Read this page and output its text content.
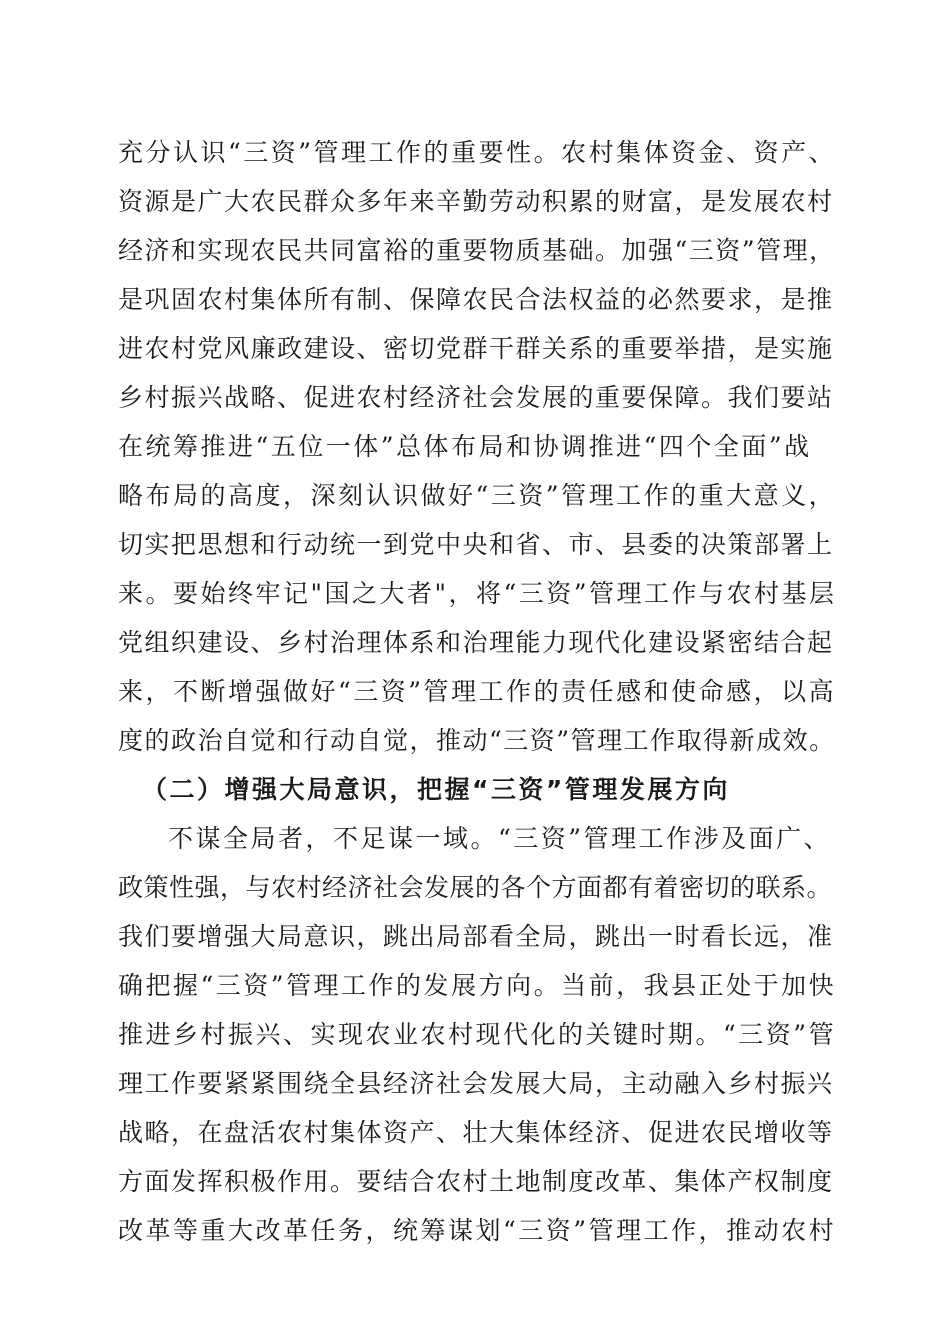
充分认识“三资”管理工作的重要性。农村集体资金、资产、
资源是广大农民群众多年来辛勤劳动积累的财富，是发展农村
经济和实现农民共同富裕的重要物质基础。加强“三资”管理，
是巩固农村集体所有制、保障农民合法权益的必然要求，是推
进农村党风廉政建设、密切党群干群关系的重要举措，是实施
乡村振兴战略、促进农村经济社会发展的重要保障。我们要站
在统筹推进“五位一体”总体布局和协调推进“四个全面”战
略布局的高度，深刻认识做好“三资”管理工作的重大意义，
切实把思想和行动统一到党中央和省、市、县委的决策部署上
来。要始终牢记"国之大者"，将“三资”管理工作与农村基层
党组织建设、乡村治理体系和治理能力现代化建设紧密结合起
来，不断增强做好“三资”管理工作的责任感和使命感，以高
度的政治自觉和行动自觉，推动“三资”管理工作取得新成效。
（二）增强大局意识，把握“三资”管理发展方向
不谋全局者，不足谋一域。“三资”管理工作涉及面广、
政策性强，与农村经济社会发展的各个方面都有着密切的联系。
我们要增强大局意识，跳出局部看全局，跳出一时看长远，准
确把握“三资”管理工作的发展方向。当前，我县正处于加快
推进乡村振兴、实现农业农村现代化的关键时期。“三资”管
理工作要紧紧围绕全县经济社会发展大局，主动融入乡村振兴
战略，在盘活农村集体资产、壮大集体经济、促进农民增收等
方面发挥积极作用。要结合农村土地制度改革、集体产权制度
改革等重大改革任务，统筹谋划“三资”管理工作，推动农村
